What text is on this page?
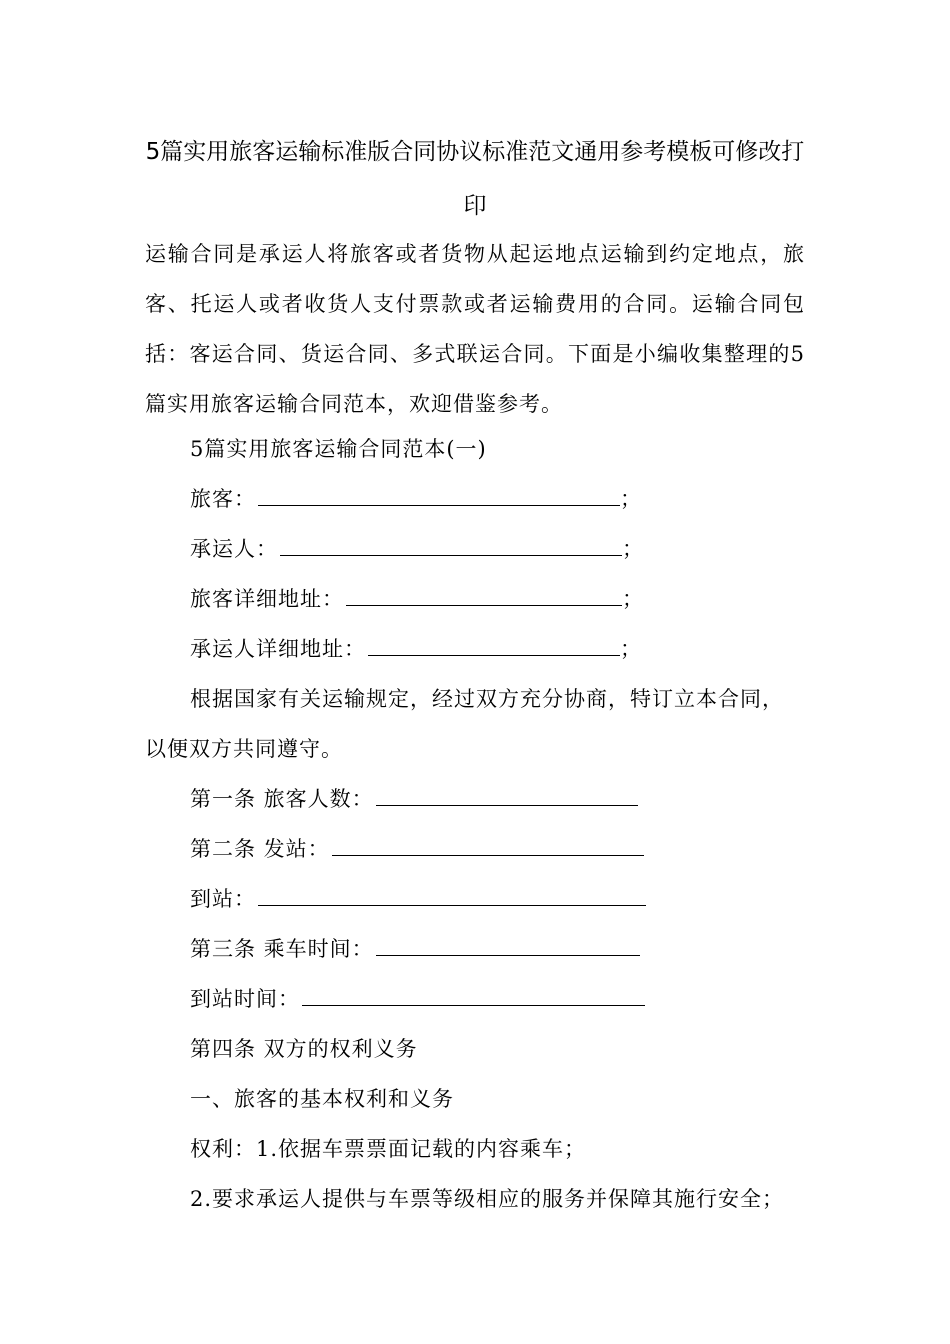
5篇实用旅客运输标准版合同协议标准范文通用参考模板可修改打
印

运输合同是承运人将旅客或者货物从起运地点运输到约定地点，旅客、托运人或者收货人支付票款或者运输费用的合同。运输合同包括：客运合同、货运合同、多式联运合同。下面是小编收集整理的5篇实用旅客运输合同范本，欢迎借鉴参考。

5篇实用旅客运输合同范本(一)

旅客：	；

承运人：	；

旅客详细地址：	；

承运人详细地址：	；

根据国家有关运输规定，经过双方充分协商，特订立本合同，

以便双方共同遵守。

第一条 旅客人数：

第二条 发站：

到站：

第三条 乘车时间：

到站时间：

第四条 双方的权利义务

一、旅客的基本权利和义务

权利：1.依据车票票面记载的内容乘车；

2.要求承运人提供与车票等级相应的服务并保障其施行安全；
